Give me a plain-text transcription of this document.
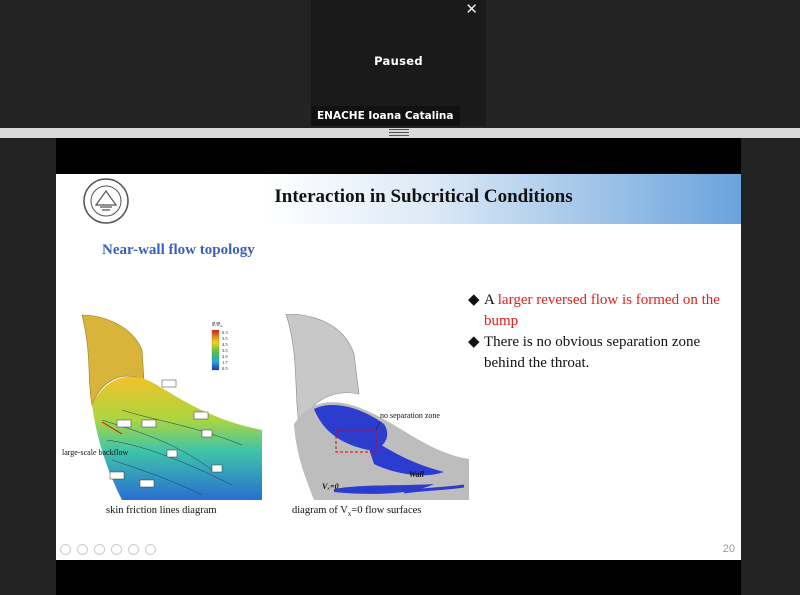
✕
Paused
ENACHE Ioana Catalina
Interaction in Subcritical Conditions
Near-wall flow topology
◆ A larger reversed flow is formed on the bump
◆ There is no obvious separation zone behind the throat.
P/P₀
6.3
5.5
4.5
3.5
2.9
1.7
0.5
large-scale backflow
skin friction lines diagram
no separation zone
Wall
Vₓ=0
diagram of $V_x=0$ flow surfaces
20
